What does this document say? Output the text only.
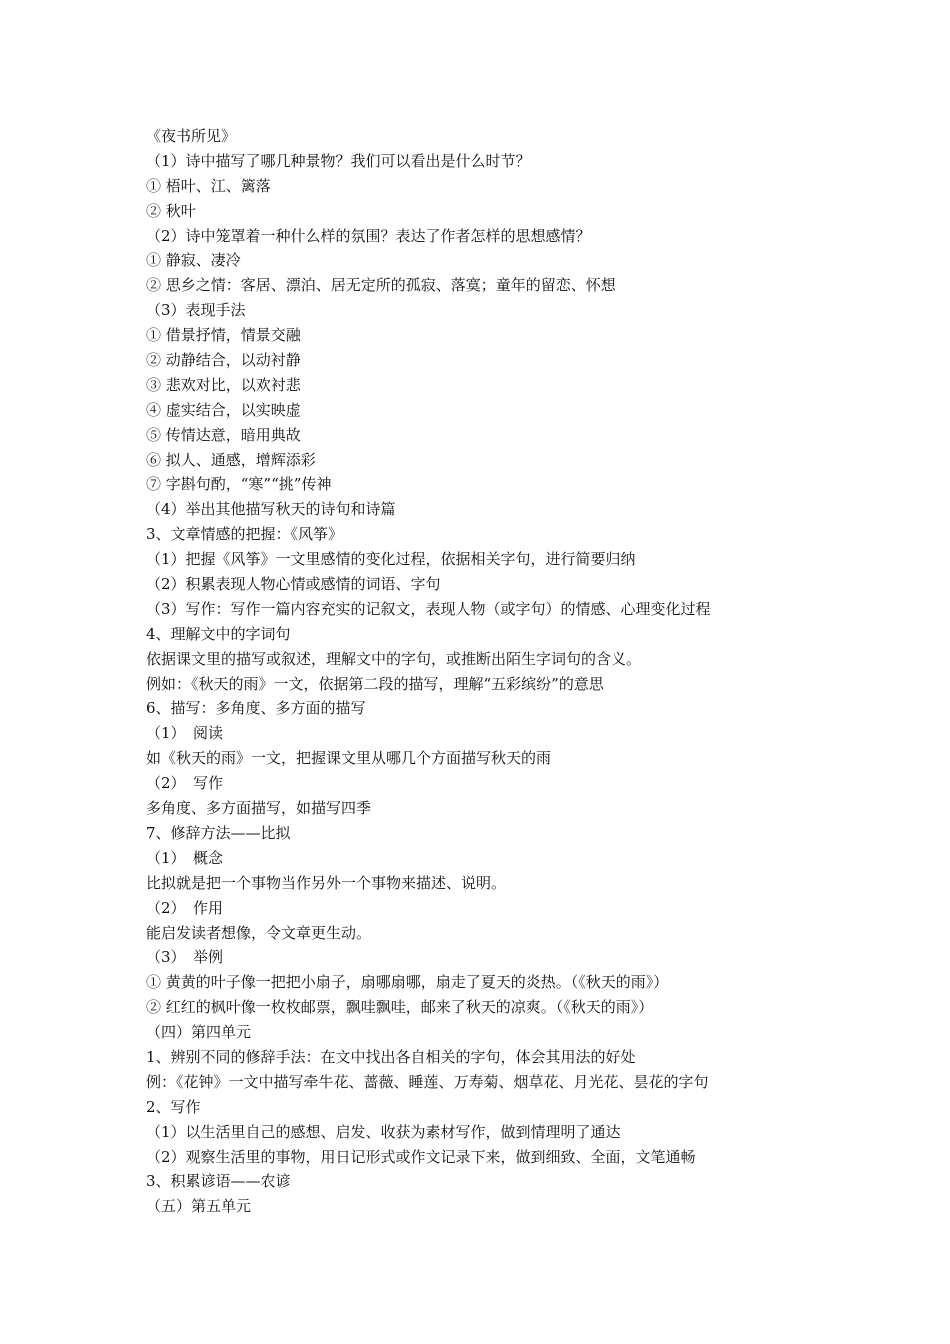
《夜书所见》
（1）诗中描写了哪几种景物？我们可以看出是什么时节？
① 梧叶、江、篱落
② 秋叶
（2）诗中笼罩着一种什么样的氛围？表达了作者怎样的思想感情？
① 静寂、凄冷
② 思乡之情：客居、漂泊、居无定所的孤寂、落寞；童年的留恋、怀想
（3）表现手法
① 借景抒情，情景交融
② 动静结合，以动衬静
③ 悲欢对比，以欢衬悲
④ 虚实结合，以实映虚
⑤ 传情达意，暗用典故
⑥ 拟人、通感，增辉添彩
⑦ 字斟句酌，“寒”“挑”传神
（4）举出其他描写秋天的诗句和诗篇
3、文章情感的把握：《风筝》
（1）把握《风筝》一文里感情的变化过程，依据相关字句，进行简要归纳
（2）积累表现人物心情或感情的词语、字句
（3）写作：写作一篇内容充实的记叙文，表现人物（或字句）的情感、心理变化过程
4、理解文中的字词句
依据课文里的描写或叙述，理解文中的字句，或推断出陌生字词句的含义。
例如：《秋天的雨》一文，依据第二段的描写，理解“五彩缤纷”的意思
6、描写：多角度、多方面的描写
（1）　阅读
如《秋天的雨》一文，把握课文里从哪几个方面描写秋天的雨
（2）　写作
多角度、多方面描写，如描写四季
7、修辞方法——比拟
（1）　概念
比拟就是把一个事物当作另外一个事物来描述、说明。
（2）　作用
能启发读者想像，令文章更生动。
（3）　举例
① 黄黄的叶子像一把把小扇子，扇哪扇哪，扇走了夏天的炎热。（《秋天的雨》）
② 红红的枫叶像一枚枚邮票，飘哇飘哇，邮来了秋天的凉爽。（《秋天的雨》）
（四）第四单元
1、辨别不同的修辞手法：在文中找出各自相关的字句，体会其用法的好处
例：《花钟》一文中描写牵牛花、蔷薇、睡莲、万寿菊、烟草花、月光花、昙花的字句
2、写作
（1）以生活里自己的感想、启发、收获为素材写作，做到情理明了通达
（2）观察生活里的事物，用日记形式或作文记录下来，做到细致、全面，文笔通畅
3、积累谚语——农谚
（五）第五单元
